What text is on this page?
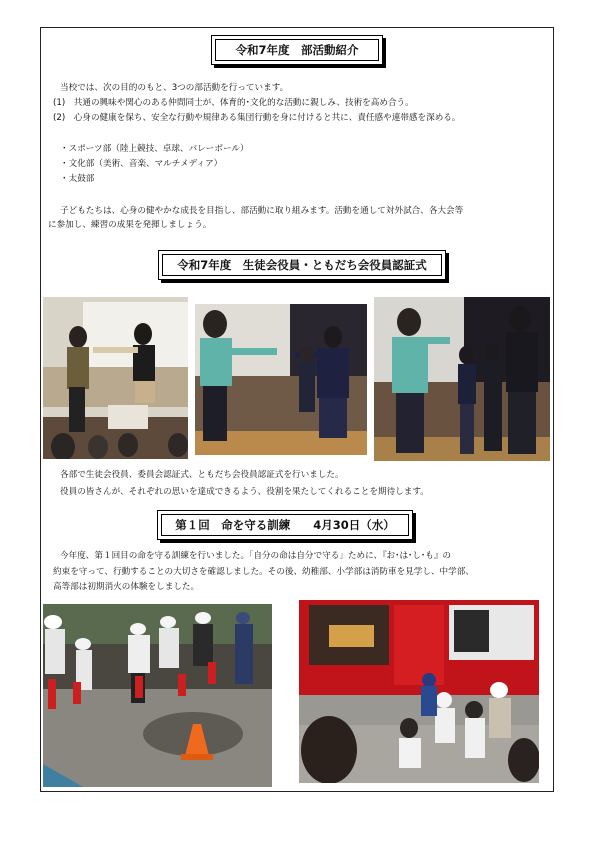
令和7年度　部活動紹介
当校では、次の目的のもと、3つの部活動を行っています。
(1)　共通の興味や関心のある仲間同士が、体育的･文化的な活動に親しみ、技術を高め合う。
(2)　心身の健康を保ち、安全な行動や規律ある集団行動を身に付けると共に、責任感や連帯感を深める。
・スポーツ部（陸上競技、卓球、バレーボール）
・文化部（美術、音楽、マルチメディア）
・太鼓部
子どもたちは、心身の健やかな成長を目指し、部活動に取り組みます。活動を通して対外試合、各大会等
に参加し、練習の成果を発揮しましょう。
令和7年度　生徒会役員・ともだち会役員認証式
各部で生徒会役員、委員会認証式、ともだち会役員認証式を行いました。
役員の皆さんが、それぞれの思いを達成できるよう、役割を果たしてくれることを期待します。
第１回　命を守る訓練　　4月30日（水）
今年度、第１回目の命を守る訓練を行いました。「自分の命は自分で守る」ために、『お･は･し･も』の
約束を守って、行動することの大切さを確認しました。その後、幼稚部、小学部は消防車を見学し、中学部、
高等部は初期消火の体験をしました。
